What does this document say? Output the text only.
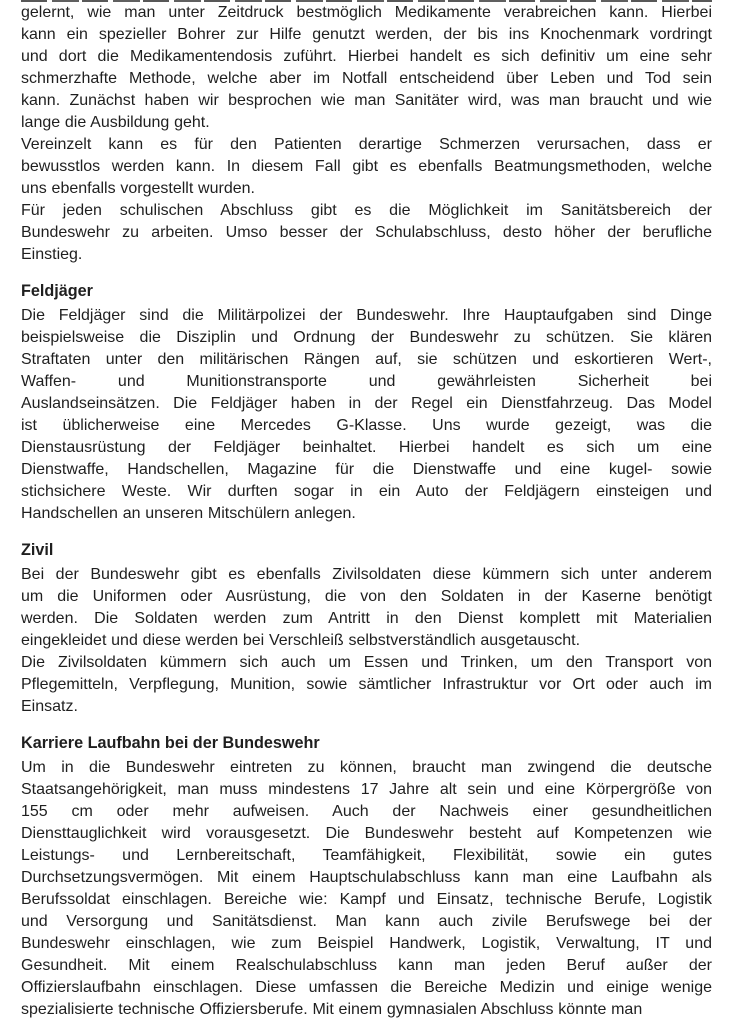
gelernt, wie man unter Zeitdruck bestmöglich Medikamente verabreichen kann. Hierbei
kann ein spezieller Bohrer zur Hilfe genutzt werden, der bis ins Knochenmark vordringt
und dort die Medikamentendosis zuführt. Hierbei handelt es sich definitiv um eine sehr
schmerzhafte Methode, welche aber im Notfall entscheidend über Leben und Tod sein
kann. Zunächst haben wir besprochen wie man Sanitäter wird, was man braucht und wie
lange die Ausbildung geht.

Vereinzelt kann es für den Patienten derartige Schmerzen verursachen, dass er
bewusstlos werden kann. In diesem Fall gibt es ebenfalls Beatmungsmethoden, welche
uns ebenfalls vorgestellt wurden.

Für jeden schulischen Abschluss gibt es die Möglichkeit im Sanitätsbereich der
Bundeswehr zu arbeiten. Umso besser der Schulabschluss, desto höher der berufliche
Einstieg.

Feldjäger

Die Feldjäger sind die Militärpolizei der Bundeswehr. Ihre Hauptaufgaben sind Dinge
beispielsweise die Disziplin und Ordnung der Bundeswehr zu schützen. Sie klären
Straftaten unter den militärischen Rängen auf, sie schützen und eskortieren Wert-,
Waffen- und Munitionstransporte und gewährleisten Sicherheit bei
Auslandseinsätzen. Die Feldjäger haben in der Regel ein Dienstfahrzeug. Das Model
ist üblicherweise eine Mercedes G-Klasse. Uns wurde gezeigt, was die
Dienstausrüstung der Feldjäger beinhaltet. Hierbei handelt es sich um eine
Dienstwaffe, Handschellen, Magazine für die Dienstwaffe und eine kugel- sowie
stichsichere Weste. Wir durften sogar in ein Auto der Feldjägern einsteigen und
Handschellen an unseren Mitschülern anlegen.

Zivil

Bei der Bundeswehr gibt es ebenfalls Zivilsoldaten diese kümmern sich unter anderem
um die Uniformen oder Ausrüstung, die von den Soldaten in der Kaserne benötigt
werden. Die Soldaten werden zum Antritt in den Dienst komplett mit Materialien
eingekleidet und diese werden bei Verschleiß selbstverständlich ausgetauscht.

Die Zivilsoldaten kümmern sich auch um Essen und Trinken, um den Transport von
Pflegemitteln, Verpflegung, Munition, sowie sämtlicher Infrastruktur vor Ort oder auch im
Einsatz.

Karriere Laufbahn bei der Bundeswehr

Um in die Bundeswehr eintreten zu können, braucht man zwingend die deutsche
Staatsangehörigkeit, man muss mindestens 17 Jahre alt sein und eine Körpergröße von
155 cm oder mehr aufweisen. Auch der Nachweis einer gesundheitlichen
Diensttauglichkeit wird vorausgesetzt. Die Bundeswehr besteht auf Kompetenzen wie
Leistungs- und Lernbereitschaft, Teamfähigkeit, Flexibilität, sowie ein gutes
Durchsetzungsvermögen. Mit einem Hauptschulabschluss kann man eine Laufbahn als
Berufssoldat einschlagen. Bereiche wie: Kampf und Einsatz, technische Berufe, Logistik
und Versorgung und Sanitätsdienst. Man kann auch zivile Berufswege bei der
Bundeswehr einschlagen, wie zum Beispiel Handwerk, Logistik, Verwaltung, IT und
Gesundheit. Mit einem Realschulabschluss kann man jeden Beruf außer der
Offizierslaufbahn einschlagen. Diese umfassen die Bereiche Medizin und einige wenige
spezialisierte technische Offiziersberufe. Mit einem gymnasialen Abschluss könnte man
